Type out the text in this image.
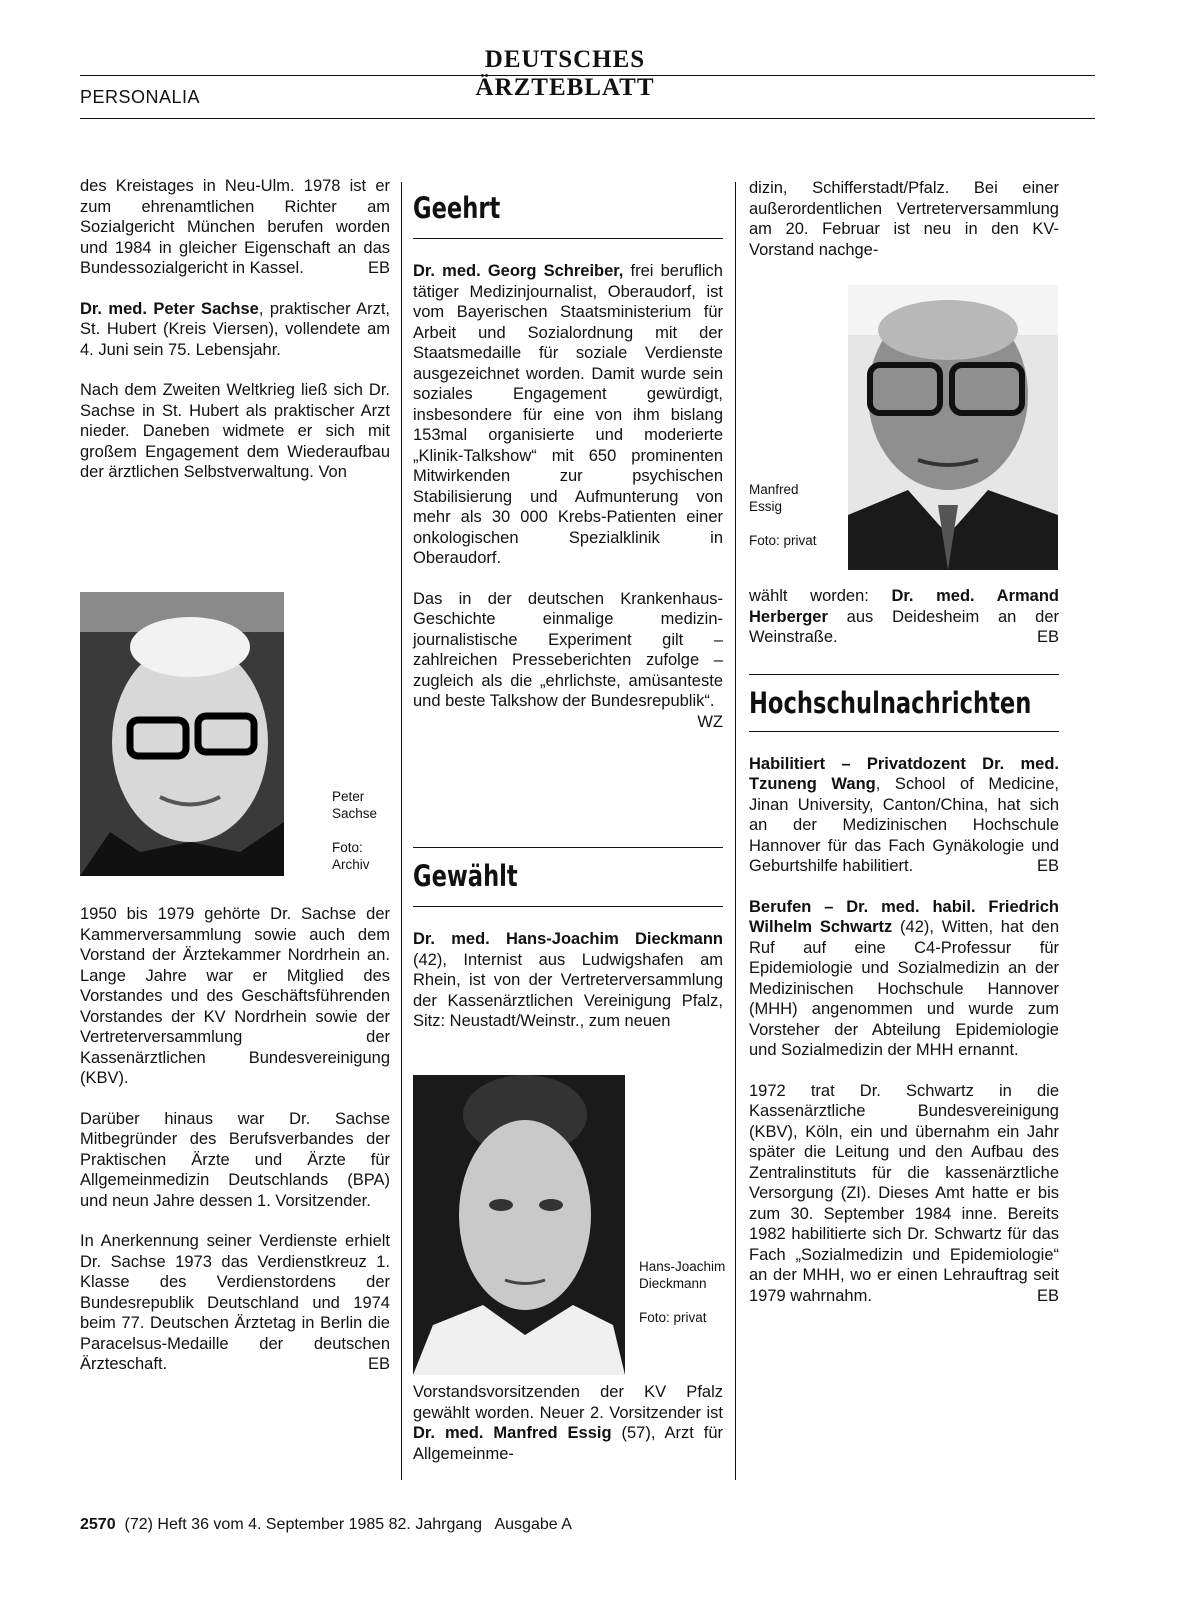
DEUTSCHES ÄRZTEBLATT
PERSONALIA

des Kreistages in Neu-Ulm. 1978 ist er zum ehrenamtlichen Richter am Sozialgericht München berufen worden und 1984 in gleicher Eigenschaft an das Bundessozialgericht in Kassel.	EB

Dr. med. Peter Sachse, praktischer Arzt, St. Hubert (Kreis Viersen), vollendete am 4. Juni sein 75. Lebensjahr.

Nach dem Zweiten Weltkrieg ließ sich Dr. Sachse in St. Hubert als praktischer Arzt nieder. Daneben widmete er sich mit großem Engagement dem Wiederaufbau der ärztlichen Selbstverwaltung. Von

Peter Sachse
Foto: Archiv

1950 bis 1979 gehörte Dr. Sachse der Kammerversammlung sowie auch dem Vorstand der Ärztekammer Nordrhein an. Lange Jahre war er Mitglied des Vorstandes und des Geschäftsführenden Vorstandes der KV Nordrhein sowie der Vertreterversammlung der Kassenärztlichen Bundesvereinigung (KBV).

Darüber hinaus war Dr. Sachse Mitbegründer des Berufsverbandes der Praktischen Ärzte und Ärzte für Allgemeinmedizin Deutschlands (BPA) und neun Jahre dessen 1. Vorsitzender.

In Anerkennung seiner Verdienste erhielt Dr. Sachse 1973 das Verdienstkreuz 1. Klasse des Verdienstordens der Bundesrepublik Deutschland und 1974 beim 77. Deutschen Ärztetag in Berlin die Paracelsus-Medaille der deutschen Ärzteschaft.	EB

Geehrt

Dr. med. Georg Schreiber, frei beruflich tätiger Medizinjournalist, Oberaudorf, ist vom Bayerischen Staatsministerium für Arbeit und Sozialordnung mit der Staatsmedaille für soziale Verdienste ausgezeichnet worden. Damit wurde sein soziales Engagement gewürdigt, insbesondere für eine von ihm bislang 153mal organisierte und moderierte „Klinik-Talkshow“ mit 650 prominenten Mitwirkenden zur psychischen Stabilisierung und Aufmunterung von mehr als 30 000 Krebs-Patienten einer onkologischen Spezialklinik in Oberaudorf.

Das in der deutschen Krankenhaus-Geschichte einmalige medizin-journalistische Experiment gilt – zahlreichen Presseberichten zufolge – zugleich als die „ehrlichste, amüsanteste und beste Talkshow der Bundesrepublik“.
WZ

Gewählt

Dr. med. Hans-Joachim Dieckmann (42), Internist aus Ludwigshafen am Rhein, ist von der Vertreterversammlung der Kassenärztlichen Vereinigung Pfalz, Sitz: Neustadt/Weinstr., zum neuen

Hans-Joachim Dieckmann
Foto: privat

Vorstandsvorsitzenden der KV Pfalz gewählt worden. Neuer 2. Vorsitzender ist Dr. med. Manfred Essig (57), Arzt für Allgemeinme-

dizin, Schifferstadt/Pfalz. Bei einer außerordentlichen Vertreterversammlung am 20. Februar ist neu in den KV-Vorstand nachge-

Manfred Essig
Foto: privat

wählt worden: Dr. med. Armand Herberger aus Deidesheim an der Weinstraße.	EB

Hochschulnachrichten

Habilitiert – Privatdozent Dr. med. Tzuneng Wang, School of Medicine, Jinan University, Canton/China, hat sich an der Medizinischen Hochschule Hannover für das Fach Gynäkologie und Geburtshilfe habilitiert.	EB

Berufen – Dr. med. habil. Friedrich Wilhelm Schwartz (42), Witten, hat den Ruf auf eine C4-Professur für Epidemiologie und Sozialmedizin an der Medizinischen Hochschule Hannover (MHH) angenommen und wurde zum Vorsteher der Abteilung Epidemiologie und Sozialmedizin der MHH ernannt.

1972 trat Dr. Schwartz in die Kassenärztliche Bundesvereinigung (KBV), Köln, ein und übernahm ein Jahr später die Leitung und den Aufbau des Zentralinstituts für die kassenärztliche Versorgung (ZI). Dieses Amt hatte er bis zum 30. September 1984 inne. Bereits 1982 habilitierte sich Dr. Schwartz für das Fach „Sozialmedizin und Epidemiologie“ an der MHH, wo er einen Lehrauftrag seit 1979 wahrnahm.	EB

2570 (72) Heft 36 vom 4. September 1985 82. Jahrgang   Ausgabe A
